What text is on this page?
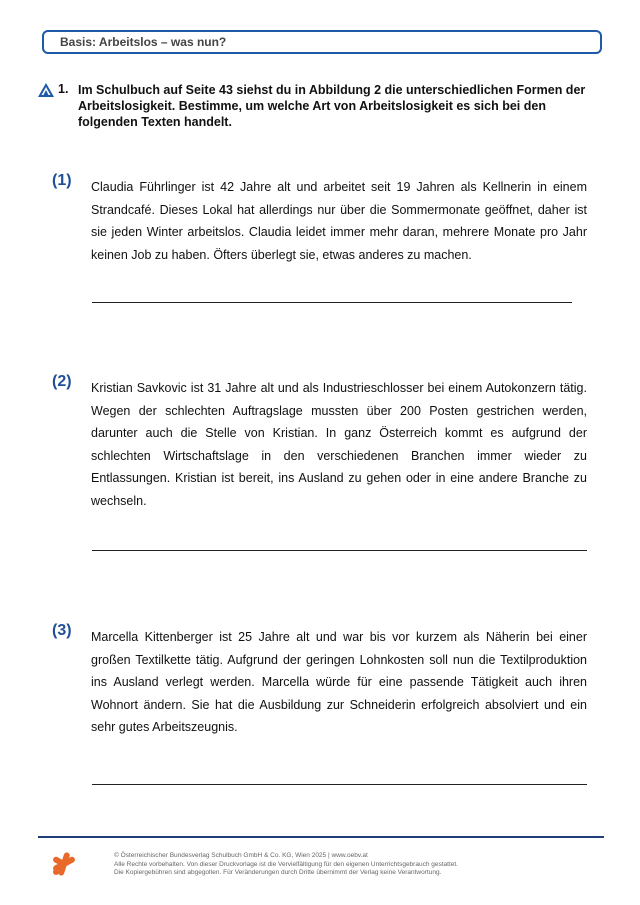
Basis: Arbeitslos – was nun?
1. Im Schulbuch auf Seite 43 siehst du in Abbildung 2 die unterschiedlichen Formen der Arbeitslosigkeit. Bestimme, um welche Art von Arbeitslosigkeit es sich bei den folgenden Texten handelt.
(1) Claudia Führlinger ist 42 Jahre alt und arbeitet seit 19 Jahren als Kellnerin in einem Strandcafé. Dieses Lokal hat allerdings nur über die Sommermonate geöffnet, daher ist sie jeden Winter arbeitslos. Claudia leidet immer mehr daran, mehrere Monate pro Jahr keinen Job zu haben. Öfters überlegt sie, etwas anderes zu machen.
(2) Kristian Savkovic ist 31 Jahre alt und als Industrieschlosser bei einem Autokonzern tätig. Wegen der schlechten Auftragslage mussten über 200 Posten gestrichen werden, darunter auch die Stelle von Kristian. In ganz Österreich kommt es aufgrund der schlechten Wirtschaftslage in den verschiedenen Branchen immer wieder zu Entlassungen. Kristian ist bereit, ins Ausland zu gehen oder in eine andere Branche zu wechseln.
(3) Marcella Kittenberger ist 25 Jahre alt und war bis vor kurzem als Näherin bei einer großen Textilkette tätig. Aufgrund der geringen Lohnkosten soll nun die Textilproduktion ins Ausland verlegt werden. Marcella würde für eine passende Tätigkeit auch ihren Wohnort ändern. Sie hat die Ausbildung zur Schneiderin erfolgreich absolviert und ein sehr gutes Arbeitszeugnis.
© Österreichischer Bundesverlag Schulbuch GmbH & Co. KG, Wien 2025 | www.oebv.at
Alle Rechte vorbehalten. Von dieser Druckvorlage ist die Vervielfältigung für den eigenen Unterrichtsgebrauch gestattet.
Die Kopiergebühren sind abgegolten. Für Veränderungen durch Dritte übernimmt der Verlag keine Verantwortung.
